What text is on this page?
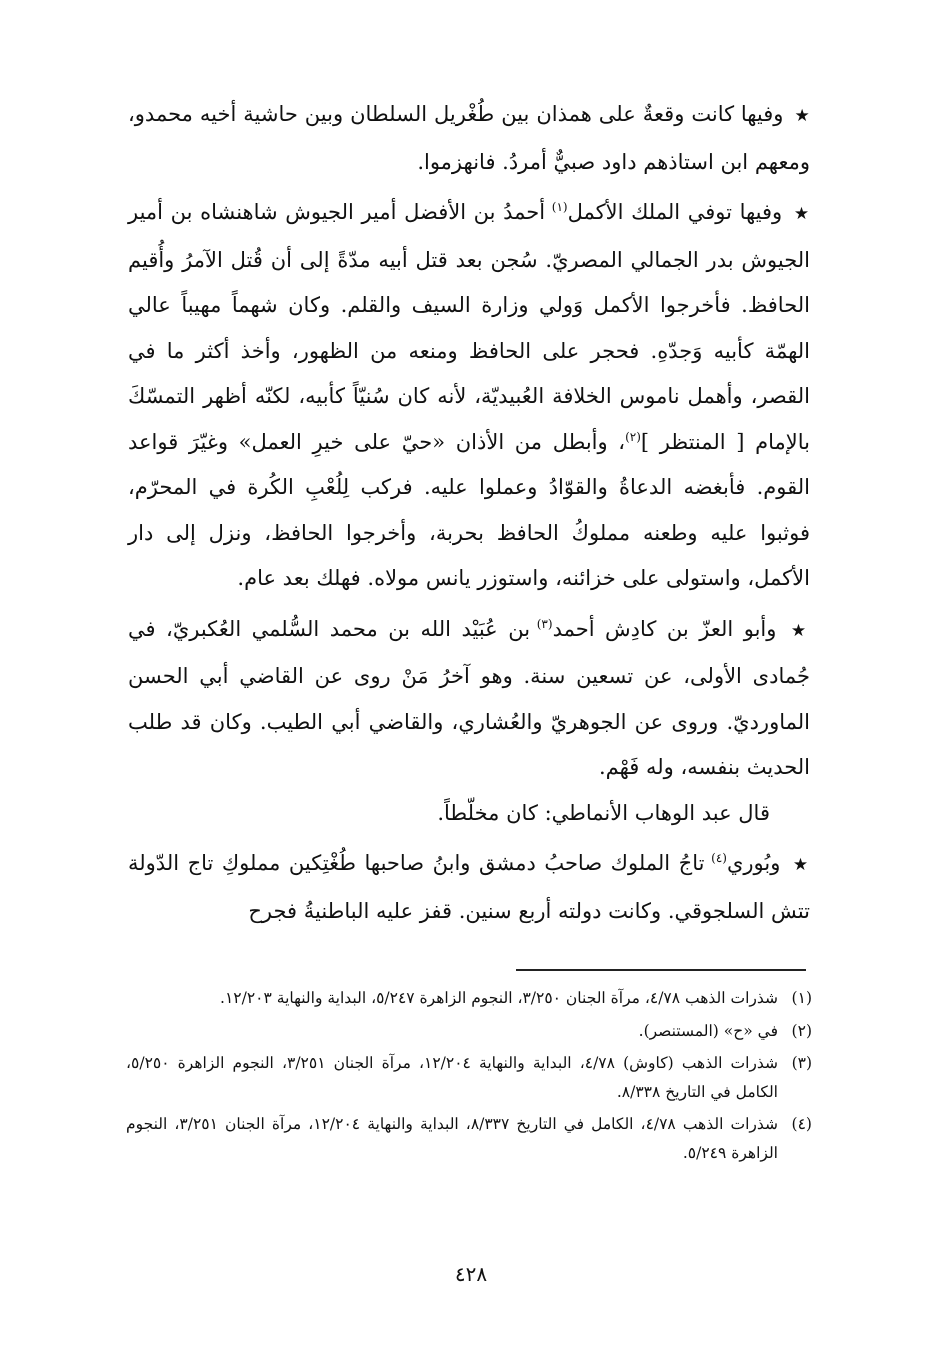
★ وفيها كانت وقعةٌ على همذان بين طُغْريل السلطان وبين حاشية أخيه محمدو، ومعهم ابن استاذهم داود صبيٌّ أمردُ. فانهزموا.

★ وفيها توفي الملك الأكمل$^{(١)}$ أحمدُ بن الأفضل أمير الجيوش شاهنشاه بن أمير الجيوش بدر الجمالي المصريّ. سُجن بعد قتل أبيه مدّةً إلى أن قُتل الآمرُ وأُقيم الحافظ. فأخرجوا الأكمل وَولي وزارة السيف والقلم. وكان شهماً مهيباً عالي الهمّة كأبيه وَجدّهِ. فحجر على الحافظ ومنعه من الظهور، وأخذ أكثر ما في القصر، وأهمل ناموس الخلافة العُبيديّة، لأنه كان سُنيّاً كأبيه، لكنّه أظهر التمسّكَ بالإمام [ المنتظر ]$^{(٢)}$، وأبطل من الأذان «حيّ على خيرِ العمل» وغيّرَ قواعد القوم. فأبغضه الدعاةُ والقوّادُ وعملوا عليه. فركب لِلُعْبِ الكُرة في المحرّم، فوثبوا عليه وطعنه مملوكُ الحافظ بحربة، وأخرجوا الحافظ، ونزل إلى دار الأكمل، واستولى على خزائنه، واستوزر يانس مولاه. فهلك بعد عام.

★ وأبو العزّ بن كادِش أحمد$^{(٣)}$ بن عُبَيْد الله بن محمد السُّلمي العُكبريّ، في جُمادى الأولى، عن تسعين سنة. وهو آخرُ مَنْ روى عن القاضي أبي الحسن الماورديّ. وروى عن الجوهريّ والعُشاري، والقاضي أبي الطيب. وكان قد طلب الحديث بنفسه، وله فَهْم.

قال عبد الوهاب الأنماطي: كان مخلّطاً.

★ وبُوري$^{(٤)}$ تاجُ الملوك صاحبُ دمشق وابنُ صاحبها طُغْتِكين مملوكِ تاج الدّولة تتش السلجوقي. وكانت دولته أربع سنين. قفز عليه الباطنيةُ فجرح

(١)شذرات الذهب ٤/٧٨، مرآة الجنان ٣/٢٥٠، النجوم الزاهرة ٥/٢٤٧، البداية والنهاية ١٢/٢٠٣.

(٢)في «ح» (المستنصر).

(٣)شذرات الذهب (كاوش) ٤/٧٨، البداية والنهاية ١٢/٢٠٤، مرآة الجنان ٣/٢٥١، النجوم الزاهرة ٥/٢٥٠، الكامل في التاريخ ٨/٣٣٨.

(٤)شذرات الذهب ٤/٧٨، الكامل في التاريخ ٨/٣٣٧، البداية والنهاية ١٢/٢٠٤، مرآة الجنان ٣/٢٥١، النجوم الزاهرة ٥/٢٤٩.

٤٢٨
